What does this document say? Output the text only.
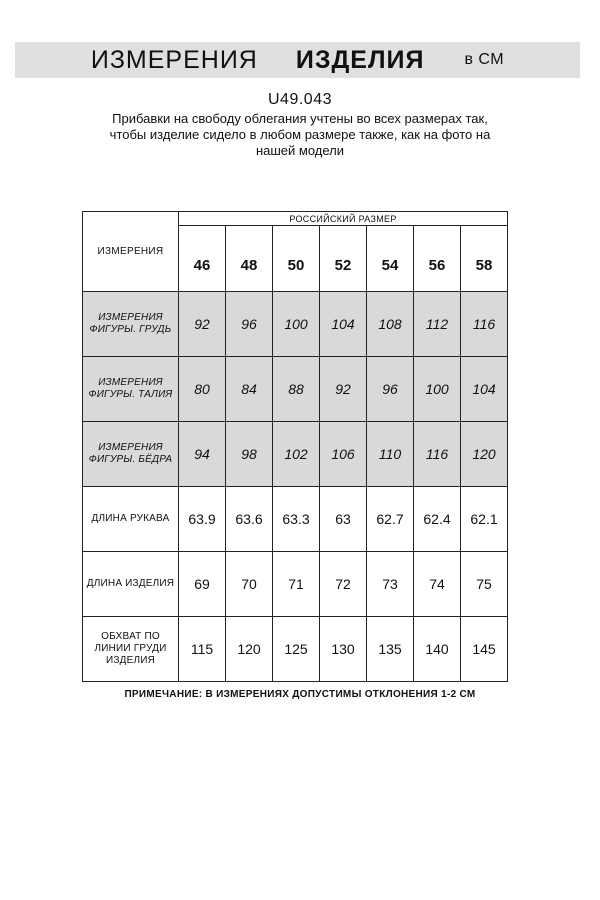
ИЗМЕРЕНИЯ ИЗДЕЛИЯ	в СМ
U49.043
Прибавки на свободу облегания учтены во всех размерах так,
чтобы изделие сидело в любом размере также, как на фото на
нашей модели
ИЗМЕРЕНИЯ	РОССИЙСКИЙ РАЗМЕР						
	46	48	50	52	54	56	58

ИЗМЕРЕНИЯ
ФИГУРЫ. ГРУДЬ	92	96	100	104	108	112	116

ИЗМЕРЕНИЯ
ФИГУРЫ. ТАЛИЯ	80	84	88	92	96	100	104

ИЗМЕРЕНИЯ
ФИГУРЫ. БЁДРА	94	98	102	106	110	116	120

ДЛИНА РУКАВА	63.9	63.6	63.3	63	62.7	62.4	62.1

ДЛИНА ИЗДЕЛИЯ	69	70	71	72	73	74	75

ОБХВАТ ПО
ЛИНИИ ГРУДИ
ИЗДЕЛИЯ	115	120	125	130	135	140	145
ПРИМЕЧАНИЕ: В ИЗМЕРЕНИЯХ ДОПУСТИМЫ ОТКЛОНЕНИЯ 1-2 СМ
